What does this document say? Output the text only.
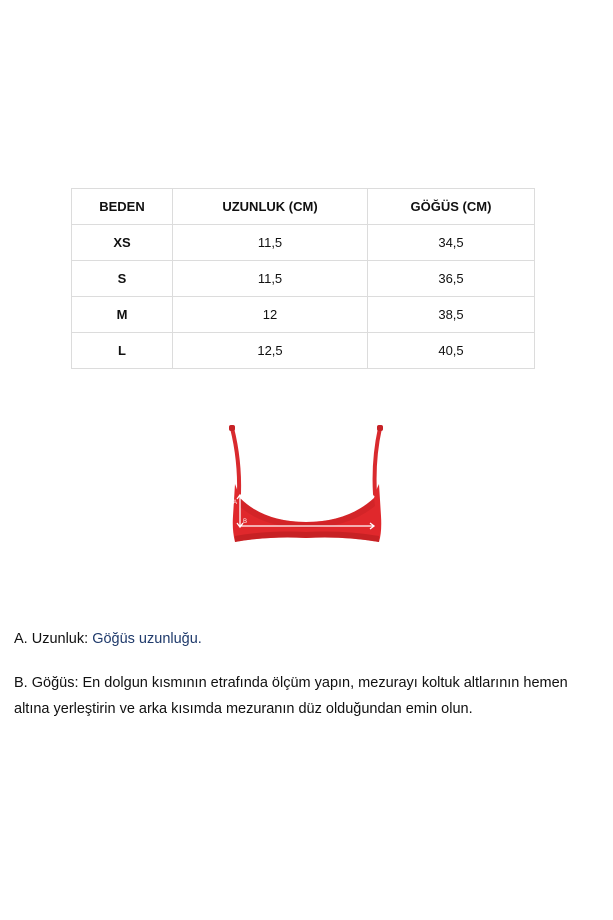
BEDEN	UZUNLUK (CM)	GÖĞÜS (CM)
XS	11,5	34,5
S	11,5	36,5
M	12	38,5
L	12,5	40,5
A
B

A. Uzunluk: Göğüs uzunluğu.

B. Göğüs: En dolgun kısmının etrafında ölçüm yapın, mezurayı koltuk altlarının hemen altına yerleştirin ve arka kısımda mezuranın düz olduğundan emin olun.
